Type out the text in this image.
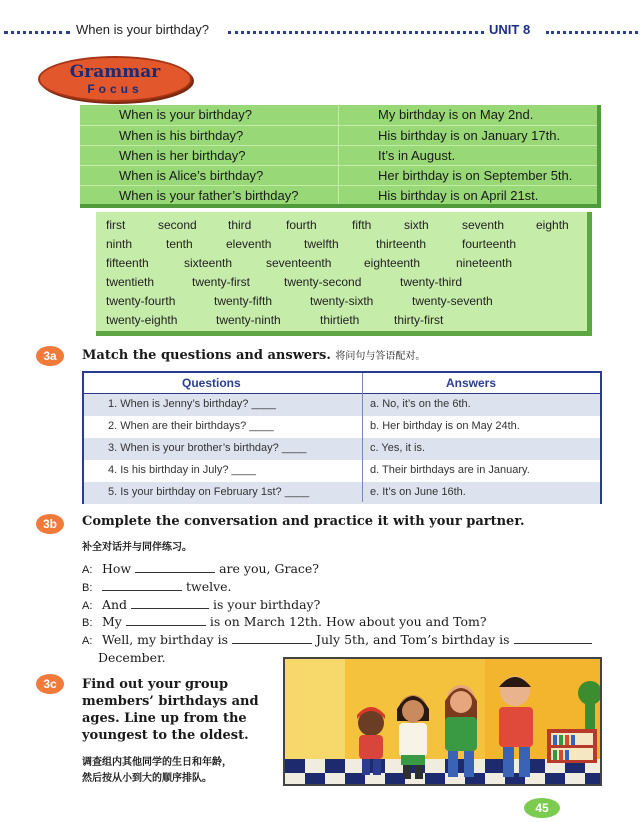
When is your birthday?	UNIT 8
Grammar
Focus
When is your birthday?	My birthday is on May 2nd.
When is his birthday?	His birthday is on January 17th.
When is her birthday?	It’s in August.
When is Alice’s birthday?	Her birthday is on September 5th.
When is your father’s birthday?	His birthday is on April 21st.
first	second	third	fourth	fifth	sixth	seventh	eighth
ninth	tenth	eleventh	twelfth	thirteenth	fourteenth
fifteenth	sixteenth	seventeenth	eighteenth	nineteenth
twentieth	twenty-first	twenty-second	twenty-third
twenty-fourth	twenty-fifth	twenty-sixth	twenty-seventh
twenty-eighth	twenty-ninth	thirtieth	thirty-first
3a	Match the questions and answers. 将问句与答语配对。
Questions	Answers
1. When is Jenny’s birthday? ____	a. No, it’s on the 6th.
2. When are their birthdays? ____	b. Her birthday is on May 24th.
3. When is your brother’s birthday? ____	c. Yes, it is.
4. Is his birthday in July? ____	d. Their birthdays are in January.
5. Is your birthday on February 1st? ____	e. It’s on June 16th.
3b	Complete the conversation and practice it with your partner.
补全对话并与同伴练习。
A: How	are you, Grace?
B:	twelve.
A: And	is your birthday?
B: My	is on March 12th. How about you and Tom?
A: Well, my birthday is	July 5th, and Tom’s birthday is
December.
3c	Find out your group members’ birthdays and ages. Line up from the youngest to the oldest.
调查组内其他同学的生日和年龄，
然后按从小到大的顺序排队。
45
